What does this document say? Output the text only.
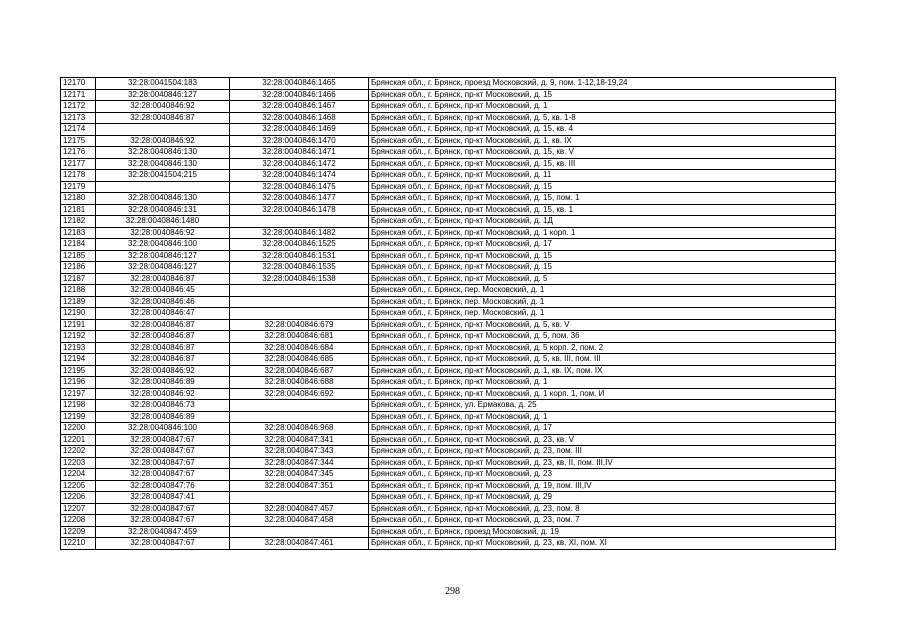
12170	32:28:0041504:183	32:28:0040846:1465	Брянская обл., г. Брянск, проезд Московский, д. 9, пом. 1-12,18-19,24
12171	32:28:0040846:127	32:28:0040846:1466	Брянская обл., г. Брянск, пр-кт Московский, д. 15
12172	32:28:0040846:92	32:28:0040846:1467	Брянская обл., г. Брянск, пр-кт Московский, д. 1
12173	32:28:0040846:87	32:28:0040846:1468	Брянская обл., г. Брянск, пр-кт Московский, д. 5, кв. 1-8
12174		32:28:0040846:1469	Брянская обл., г. Брянск, пр-кт Московский, д. 15, кв. 4
12175	32:28:0040846:92	32:28:0040846:1470	Брянская обл., г. Брянск, пр-кт Московский, д. 1, кв. IX
12176	32:28:0040846:130	32:28:0040846:1471	Брянская обл., г. Брянск, пр-кт Московский, д. 15, кв. V
12177	32:28:0040846:130	32:28:0040846:1472	Брянская обл., г. Брянск, пр-кт Московский, д. 15, кв. III
12178	32:28:0041504:215	32:28:0040846:1474	Брянская обл., г. Брянск, пр-кт Московский, д. 11
12179		32:28:0040846:1475	Брянская обл., г. Брянск, пр-кт Московский, д. 15
12180	32:28:0040846:130	32:28:0040846:1477	Брянская обл., г. Брянск, пр-кт Московский, д. 15, пом. 1
12181	32:28:0040846:131	32:28:0040846:1478	Брянская обл., г. Брянск, пр-кт Московский, д. 15, кв. 1
12182	32:28:0040846:1480		Брянская обл., г. Брянск, пр-кт Московский, д. 1Д
12183	32:28:0040846:92	32:28:0040846:1482	Брянская обл., г. Брянск, пр-кт Московский, д. 1 корп. 1
12184	32:28:0040846:100	32:28:0040846:1525	Брянская обл., г. Брянск, пр-кт Московский, д. 17
12185	32:28:0040846:127	32:28:0040846:1531	Брянская обл., г. Брянск, пр-кт Московский, д. 15
12186	32:28:0040846:127	32:28:0040846:1535	Брянская обл., г. Брянск, пр-кт Московский, д. 15
12187	32:28:0040846:87	32:28:0040846:1538	Брянская обл., г. Брянск, пр-кт Московский, д. 5
12188	32:28:0040846:45		Брянская обл., г. Брянск, пер. Московский, д. 1
12189	32:28:0040846:46		Брянская обл., г. Брянск, пер. Московский, д. 1
12190	32:28:0040846:47		Брянская обл., г. Брянск, пер. Московский, д. 1
12191	32:28:0040846:87	32:28:0040846:679	Брянская обл., г. Брянск, пр-кт Московский, д. 5, кв. V
12192	32:28:0040846:87	32:28:0040846:681	Брянская обл., г. Брянск, пр-кт Московский, д. 5, пом. 36
12193	32:28:0040846:87	32:28:0040846:684	Брянская обл., г. Брянск, пр-кт Московский, д. 5 корп. 2, пом. 2
12194	32:28:0040846:87	32:28:0040846:685	Брянская обл., г. Брянск, пр-кт Московский, д. 5, кв. III, пом. III
12195	32:28:0040846:92	32:28:0040846:687	Брянская обл., г. Брянск, пр-кт Московский, д. 1, кв. IX, пом. IX
12196	32:28:0040846:89	32:28:0040846:688	Брянская обл., г. Брянск, пр-кт Московский, д. 1
12197	32:28:0040846:92	32:28:0040846:692	Брянская обл., г. Брянск, пр-кт Московский, д. 1 корп. 1, пом. И
12198	32:28:0040846:73		Брянская обл., г. Брянск, ул. Ермакова, д. 25
12199	32:28:0040846:89		Брянская обл., г. Брянск, пр-кт Московский, д. 1
12200	32:28:0040846:100	32:28:0040846:968	Брянская обл., г. Брянск, пр-кт Московский, д. 17
12201	32:28:0040847:67	32:28:0040847:341	Брянская обл., г. Брянск, пр-кт Московский, д. 23, кв. V
12202	32:28:0040847:67	32:28:0040847:343	Брянская обл., г. Брянск, пр-кт Московский, д. 23, пом. III
12203	32:28:0040847:67	32:28:0040847:344	Брянская обл., г. Брянск, пр-кт Московский, д. 23, кв. II, пом. III,IV
12204	32:28:0040847:67	32:28:0040847:345	Брянская обл., г. Брянск, пр-кт Московский, д. 23
12205	32:28:0040847:76	32:28:0040847:351	Брянская обл., г. Брянск, пр-кт Московский, д. 19, пом. III,IV
12206	32:28:0040847:41		Брянская обл., г. Брянск, пр-кт Московский, д. 29
12207	32:28:0040847:67	32:28:0040847:457	Брянская обл., г. Брянск, пр-кт Московский, д. 23, пом. 8
12208	32:28:0040847:67	32:28:0040847:458	Брянская обл., г. Брянск, пр-кт Московский, д. 23, пом. 7
12209	32:28:0040847:459		Брянская обл., г. Брянск, проезд Московский, д. 19
12210	32:28:0040847:67	32:28:0040847:461	Брянская обл., г. Брянск, пр-кт Московский, д. 23, кв. XI, пом. XI
298
